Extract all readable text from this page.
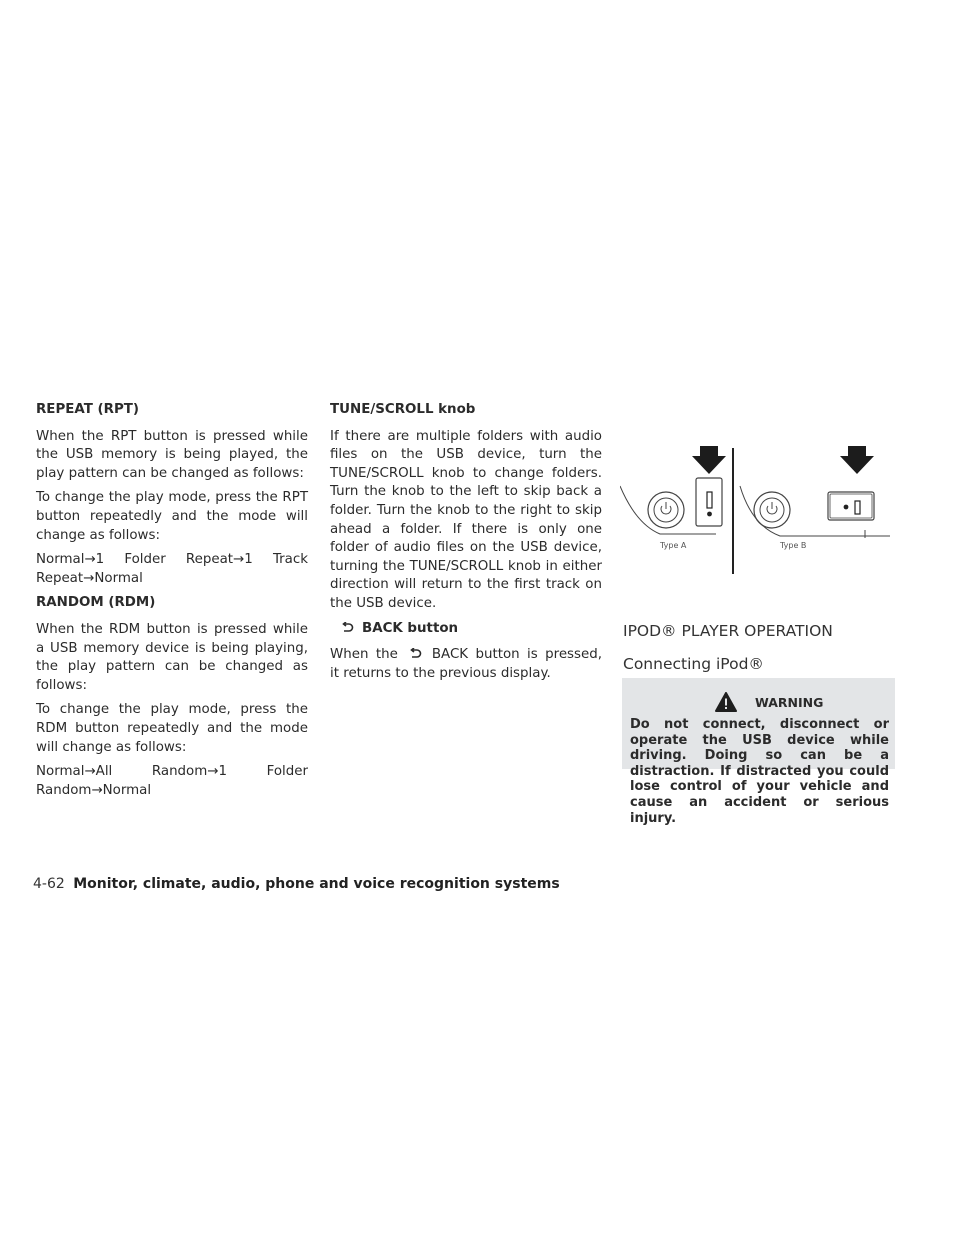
REPEAT (RPT)

When the RPT button is pressed while the USB memory is being played, the play pattern can be changed as follows:

To change the play mode, press the RPT button repeatedly and the mode will change as follows:

Normal→1 Folder Repeat→1 Track Repeat→Normal

RANDOM (RDM)

When the RDM button is pressed while a USB memory device is being playing, the play pattern can be changed as follows:

To change the play mode, press the RDM button repeatedly and the mode will change as follows:

Normal→All Random→1 Folder Random→Normal

TUNE/SCROLL knob

If there are multiple folders with audio files on the USB device, turn the TUNE/SCROLL knob to change folders. Turn the knob to the left to skip back a folder. Turn the knob to the right to skip ahead a folder. If there is only one folder of audio files on the USB device, turning the TUNE/SCROLL knob in either direction will return to the first track on the USB device.

BACK button

When the	BACK button is pressed, it returns to the previous display.

Type A	Type B
IPOD® PLAYER OPERATION
Connecting iPod®
WARNING

Do not connect, disconnect or operate the USB device while driving. Doing so can be a distraction. If distracted you could lose control of your vehicle and cause an accident or serious injury.

4-62 Monitor, climate, audio, phone and voice recognition systems
